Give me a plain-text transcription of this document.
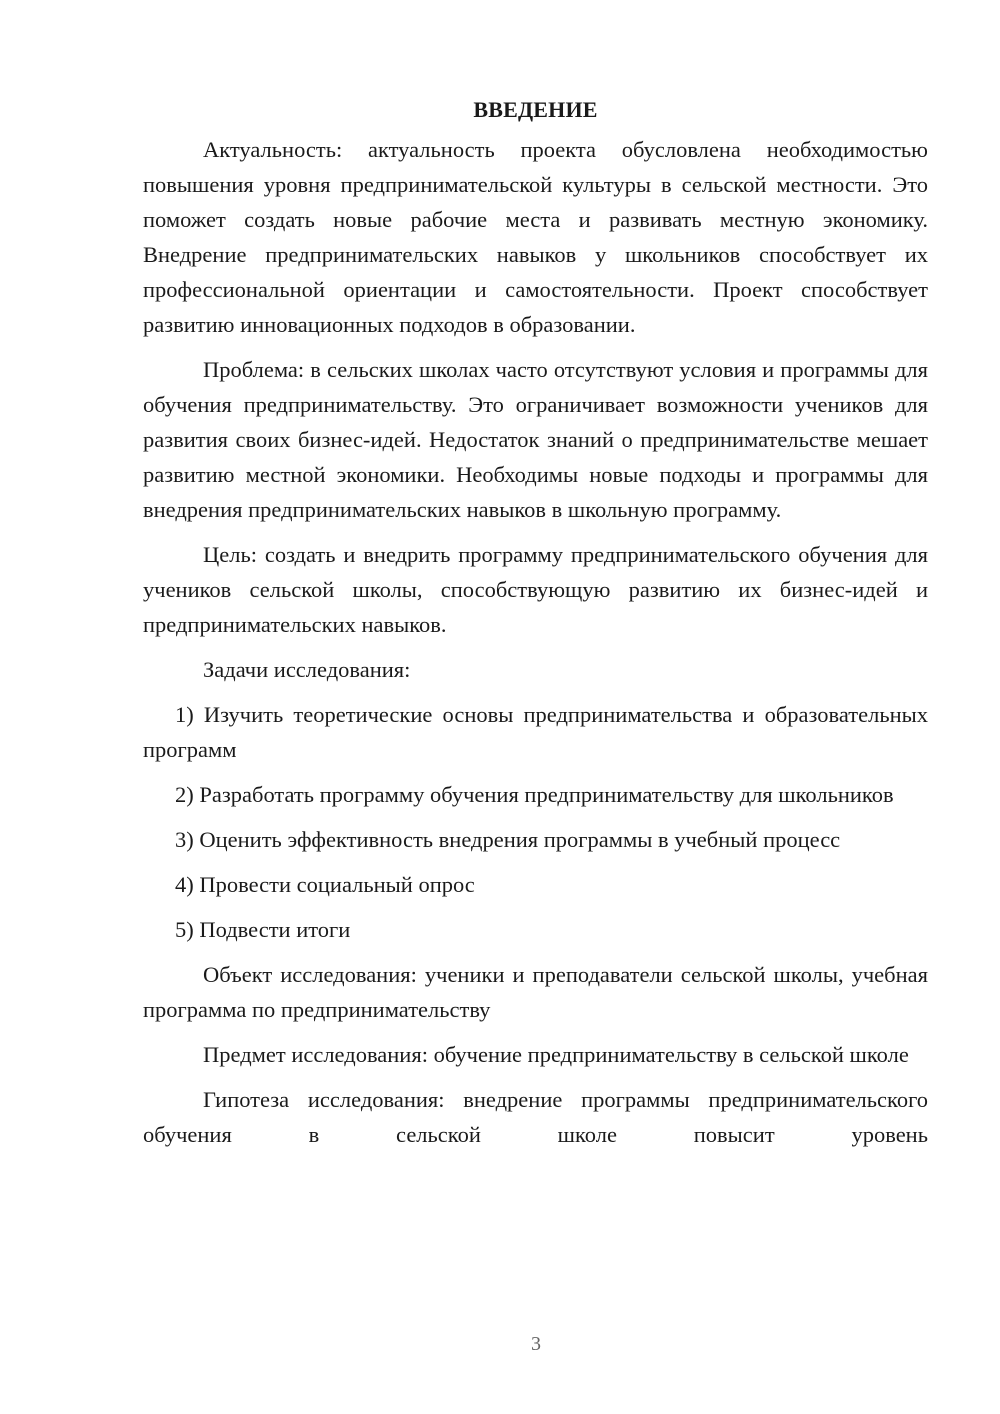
ВВЕДЕНИЕ

Актуальность: актуальность проекта обусловлена необходимостью повышения уровня предпринимательской культуры в сельской местности. Это поможет создать новые рабочие места и развивать местную экономику. Внедрение предпринимательских навыков у школьников способствует их профессиональной ориентации и самостоятельности. Проект способствует развитию инновационных подходов в образовании.

Проблема: в сельских школах часто отсутствуют условия и программы для обучения предпринимательству. Это ограничивает возможности учеников для развития своих бизнес-идей. Недостаток знаний о предпринимательстве мешает развитию местной экономики. Необходимы новые подходы и программы для внедрения предпринимательских навыков в школьную программу.

Цель: создать и внедрить программу предпринимательского обучения для учеников сельской школы, способствующую развитию их бизнес-идей и предпринимательских навыков.

Задачи исследования:

1) Изучить теоретические основы предпринимательства и образовательных программ

2) Разработать программу обучения предпринимательству для школьников

3) Оценить эффективность внедрения программы в учебный процесс

4) Провести социальный опрос

5) Подвести итоги

Объект исследования: ученики и преподаватели сельской школы, учебная программа по предпринимательству

Предмет исследования: обучение предпринимательству в сельской школе

Гипотеза исследования: внедрение программы предпринимательского обучения в сельской школе повысит уровень

3
